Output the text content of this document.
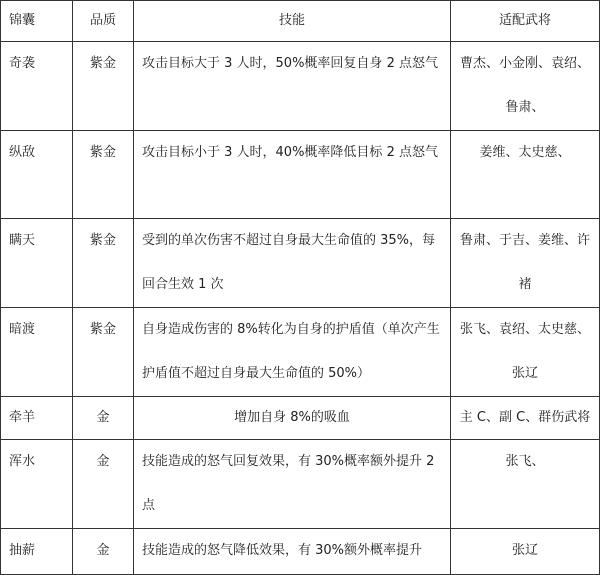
锦囊	品质	技能	适配武将
奇袭	紫金	攻击目标大于 3 人时，50%概率回复自身 2 点怒气	曹杰、小金刚、袁绍、鲁肃、
纵敌	紫金	攻击目标小于 3 人时，40%概率降低目标 2 点怒气	姜维、太史慈、
瞒天	紫金	受到的单次伤害不超过自身最大生命值的 35%，每回合生效 1 次	鲁肃、于吉、姜维、许褚
暗渡	紫金	自身造成伤害的 8%转化为自身的护盾值（单次产生护盾值不超过自身最大生命值的 50%）	张飞、袁绍、太史慈、张辽
牵羊	金	增加自身 8%的吸血	主 C、副 C、群伤武将
浑水	金	技能造成的怒气回复效果，有 30%概率额外提升 2 点	张飞、
抽薪	金	技能造成的怒气降低效果，有 30%额外概率提升	张辽
